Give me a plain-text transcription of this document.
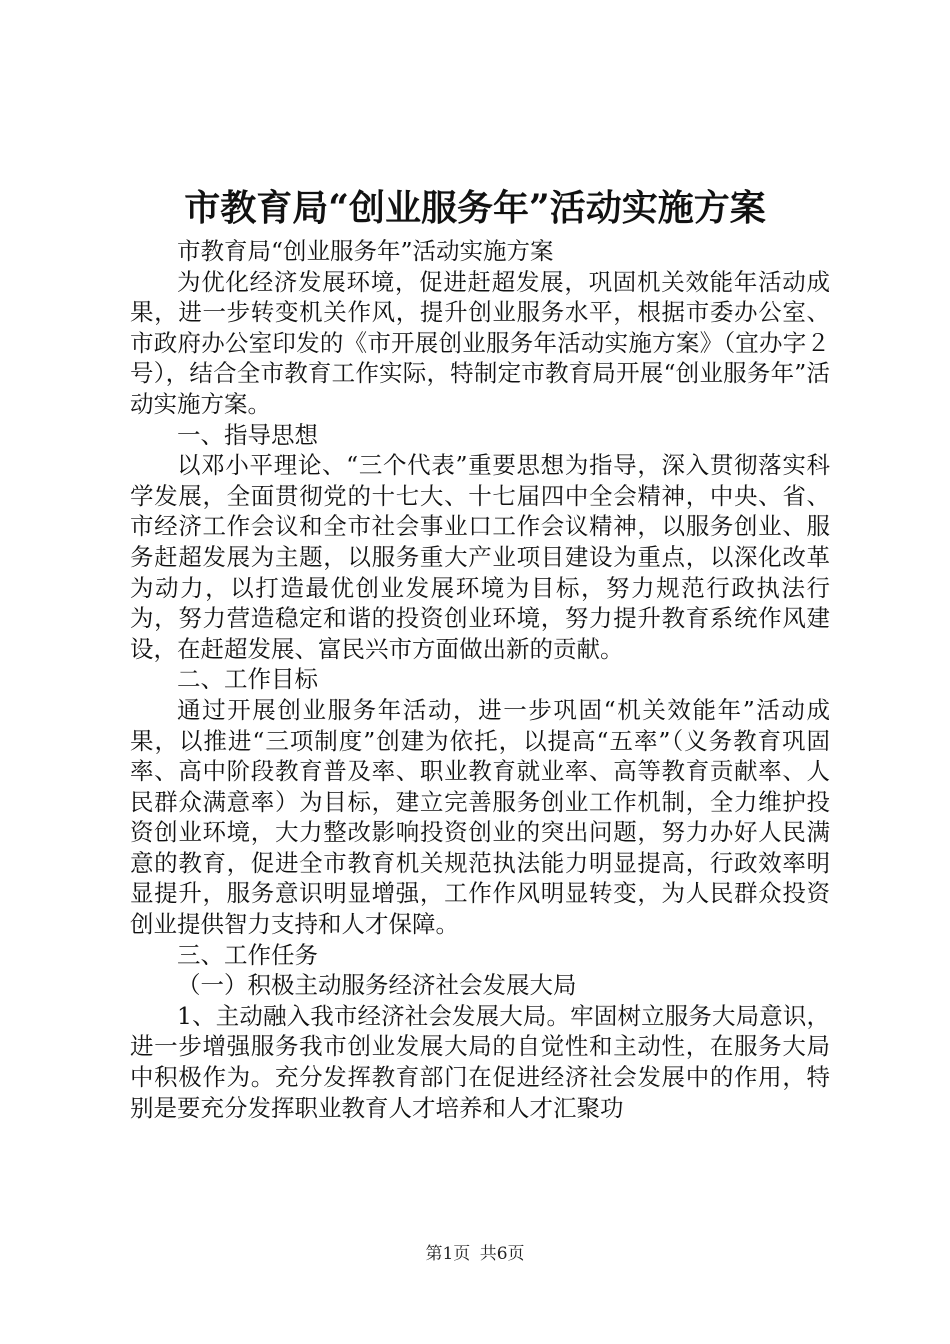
市教育局“创业服务年”活动实施方案

市教育局“创业服务年”活动实施方案

为优化经济发展环境，促进赶超发展，巩固机关效能年活动成果，进一步转变机关作风，提升创业服务水平，根据市委办公室、市政府办公室印发的《市开展创业服务年活动实施方案》（宜办字２号），结合全市教育工作实际，特制定市教育局开展“创业服务年”活动实施方案。

一、指导思想

以邓小平理论、“三个代表”重要思想为指导，深入贯彻落实科学发展，全面贯彻党的十七大、十七届四中全会精神，中央、省、市经济工作会议和全市社会事业口工作会议精神，以服务创业、服务赶超发展为主题，以服务重大产业项目建设为重点，以深化改革为动力，以打造最优创业发展环境为目标，努力规范行政执法行为，努力营造稳定和谐的投资创业环境，努力提升教育系统作风建设，在赶超发展、富民兴市方面做出新的贡献。

二、工作目标

通过开展创业服务年活动，进一步巩固“机关效能年”活动成果，以推进“三项制度”创建为依托，以提高“五率”（义务教育巩固率、高中阶段教育普及率、职业教育就业率、高等教育贡献率、人民群众满意率）为目标，建立完善服务创业工作机制，全力维护投资创业环境，大力整改影响投资创业的突出问题，努力办好人民满意的教育，促进全市教育机关规范执法能力明显提高，行政效率明显提升，服务意识明显增强，工作作风明显转变，为人民群众投资创业提供智力支持和人才保障。

三、工作任务

（一）积极主动服务经济社会发展大局

1、主动融入我市经济社会发展大局。牢固树立服务大局意识，进一步增强服务我市创业发展大局的自觉性和主动性，在服务大局中积极作为。充分发挥教育部门在促进经济社会发展中的作用，特别是要充分发挥职业教育人才培养和人才汇聚功

第1页 共6页
